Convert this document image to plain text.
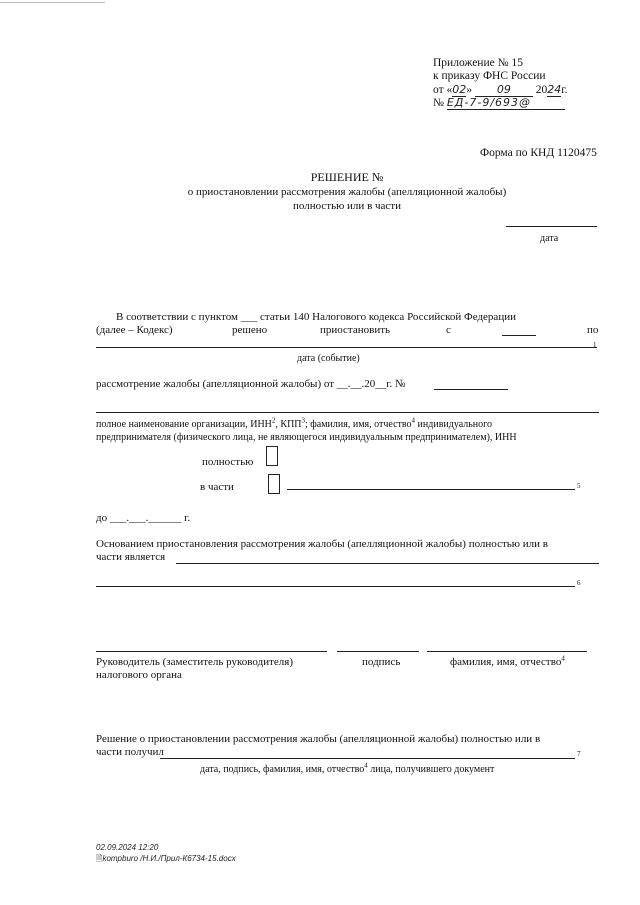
Приложение № 15
к приказу ФНС России
от «02» 09 2024г.
№ ЕД-7-9/693@
Форма по КНД 1120475
РЕШЕНИЕ №
о приостановлении рассмотрения жалобы (апелляционной жалобы)
полностью или в части
дата
В соответствии с пунктом ___ статьи 140 Налогового кодекса Российской Федерации
(далее – Кодекс)	решено	приостановить	с	по
1
дата (событие)
рассмотрение жалобы (апелляционной жалобы) от __.__.20__г. №
полное наименование организации, ИНН$^2$, КПП$^3$; фамилия, имя, отчество$^4$ индивидуального
предпринимателя (физического лица, не являющегося индивидуальным предпринимателем), ИНН
полностью
в части	5
до ___.___.______ г.
Основанием приостановления рассмотрения жалобы (апелляционной жалобы) полностью или в
части является
6
Руководитель (заместитель руководителя)
налогового органа
подпись	фамилия, имя, отчество$^4$
Решение о приостановлении рассмотрения жалобы (апелляционной жалобы) полностью или в
части получил	7
дата, подпись, фамилия, имя, отчество$^4$ лица, получившего документ
02.09.2024 12:20
🗎kompburo /Н.И./Прил-К6734-15.docx
